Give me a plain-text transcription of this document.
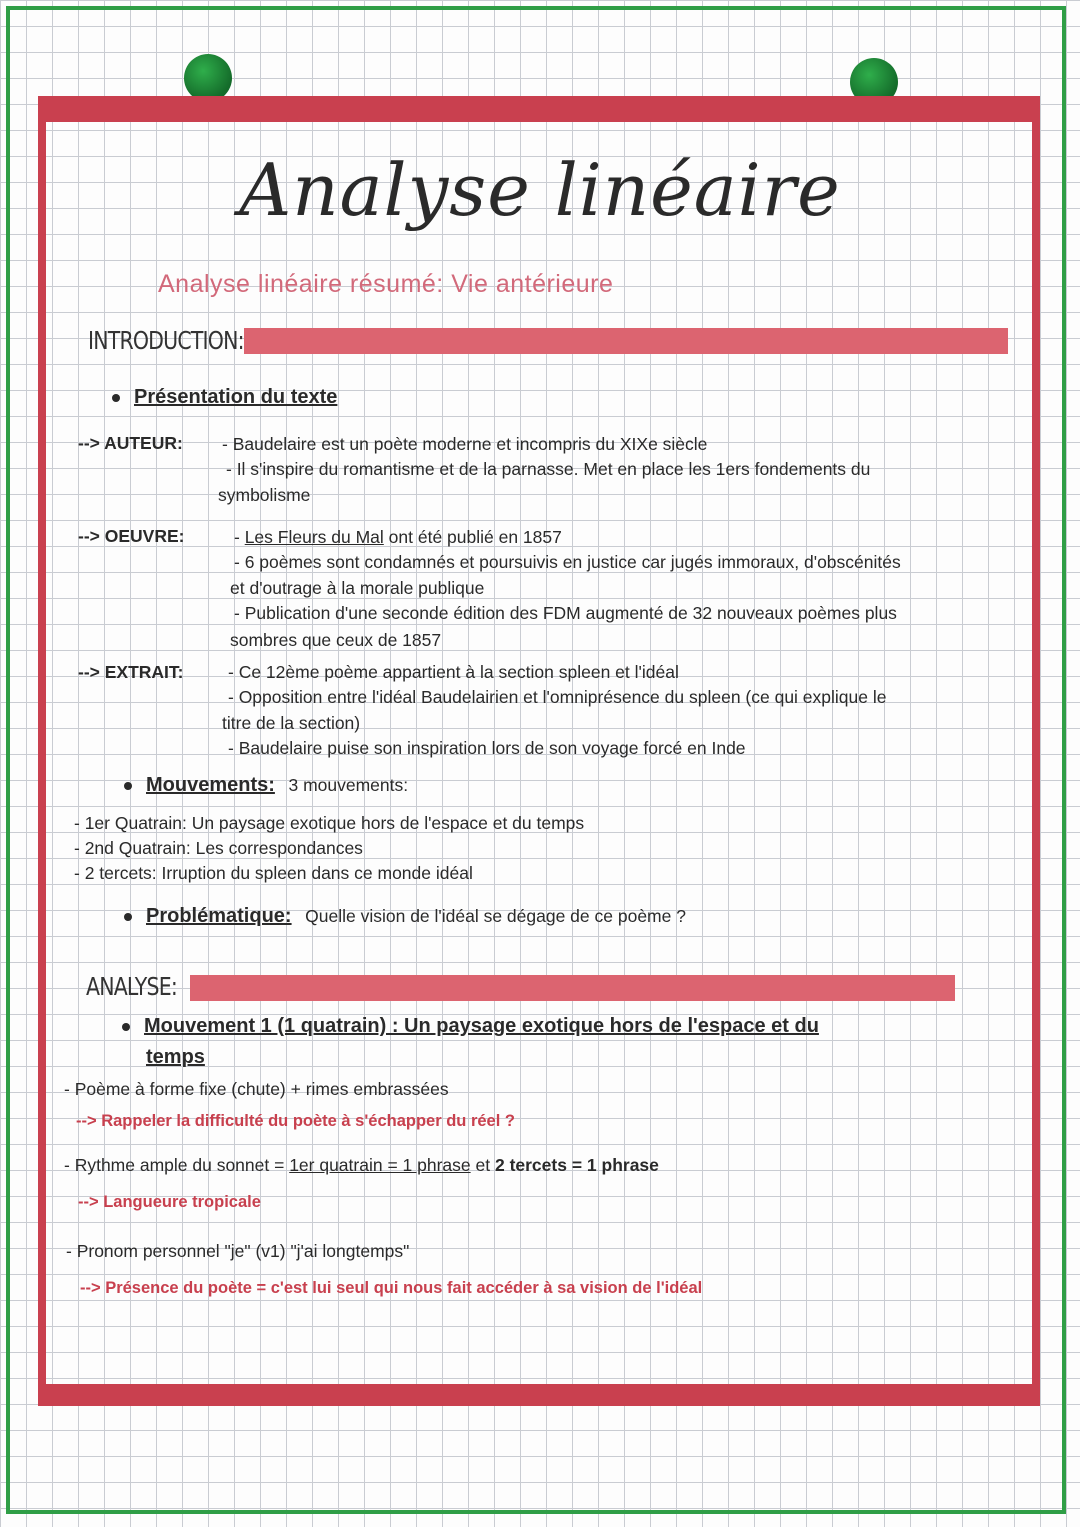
Analyse linéaire
Analyse linéaire résumé: Vie antérieure
INTRODUCTION:
Présentation du texte
--> AUTEUR: - Baudelaire est un poète moderne et incompris du XIXe siècle
- Il s'inspire du romantisme et de la parnasse. Met en place les 1ers fondements du
symbolisme
--> OEUVRE:	- Les Fleurs du Mal ont été publié en 1857
- 6 poèmes sont condamnés et poursuivis en justice car jugés immoraux, d'obscénités
et d'outrage à la morale publique
- Publication d'une seconde édition des FDM augmenté de 32 nouveaux poèmes plus
sombres que ceux de 1857
--> EXTRAIT:	- Ce 12ème poème appartient à la section spleen et l'idéal
- Opposition entre l'idéal Baudelairien et l'omniprésence du spleen (ce qui explique le
titre de la section)
- Baudelaire puise son inspiration lors de son voyage forcé en Inde
Mouvements: 3 mouvements:
- 1er Quatrain: Un paysage exotique hors de l'espace et du temps
- 2nd Quatrain: Les correspondances
- 2 tercets: Irruption du spleen dans ce monde idéal
Problématique: Quelle vision de l'idéal se dégage de ce poème ?
ANALYSE:
Mouvement 1 (1 quatrain) : Un paysage exotique hors de l'espace et du
temps
- Poème à forme fixe (chute) + rimes embrassées
--> Rappeler la difficulté du poète à s'échapper du réel ?
- Rythme ample du sonnet = 1er quatrain = 1 phrase et 2 tercets = 1 phrase
--> Langueure tropicale
- Pronom personnel "je" (v1) "j'ai longtemps"
--> Présence du poète = c'est lui seul qui nous fait accéder à sa vision de l'idéal
